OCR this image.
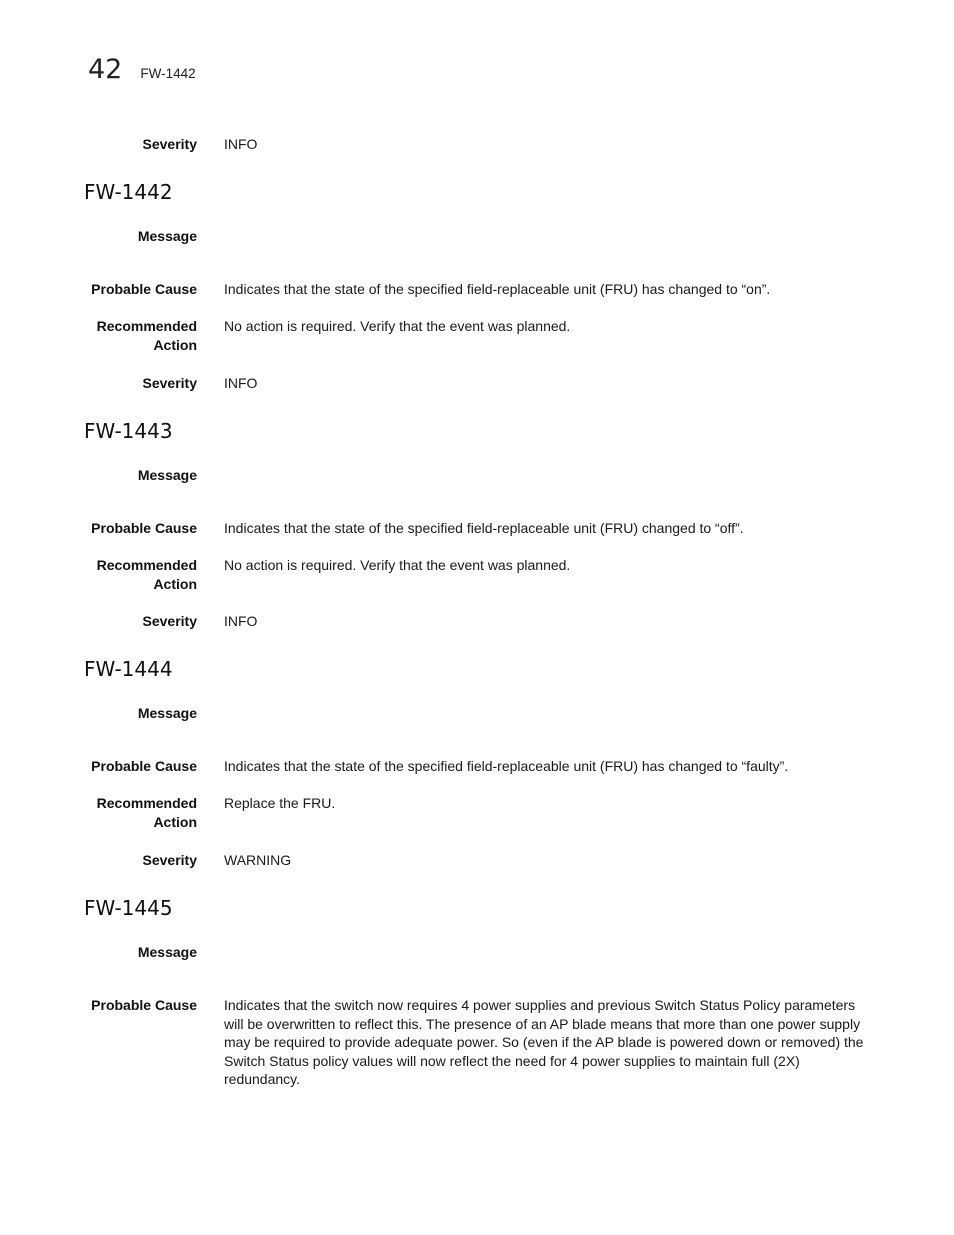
42 FW-1442
Severity INFO
FW-1442
Message
Probable Cause Indicates that the state of the specified field-replaceable unit (FRU) has changed to “on”.
Recommended
Action
No action is required. Verify that the event was planned.
Severity INFO
FW-1443
Message
Probable Cause Indicates that the state of the specified field-replaceable unit (FRU) changed to “off”.
Recommended
Action
No action is required. Verify that the event was planned.
Severity INFO
FW-1444
Message
Probable Cause Indicates that the state of the specified field-replaceable unit (FRU) has changed to “faulty”.
Recommended
Action
Replace the FRU.
Severity WARNING
FW-1445
Message
Probable Cause Indicates that the switch now requires 4 power supplies and previous Switch Status Policy parameters will be overwritten to reflect this. The presence of an AP blade means that more than one power supply may be required to provide adequate power. So (even if the AP blade is powered down or removed) the Switch Status policy values will now reflect the need for 4 power supplies to maintain full (2X) redundancy.
